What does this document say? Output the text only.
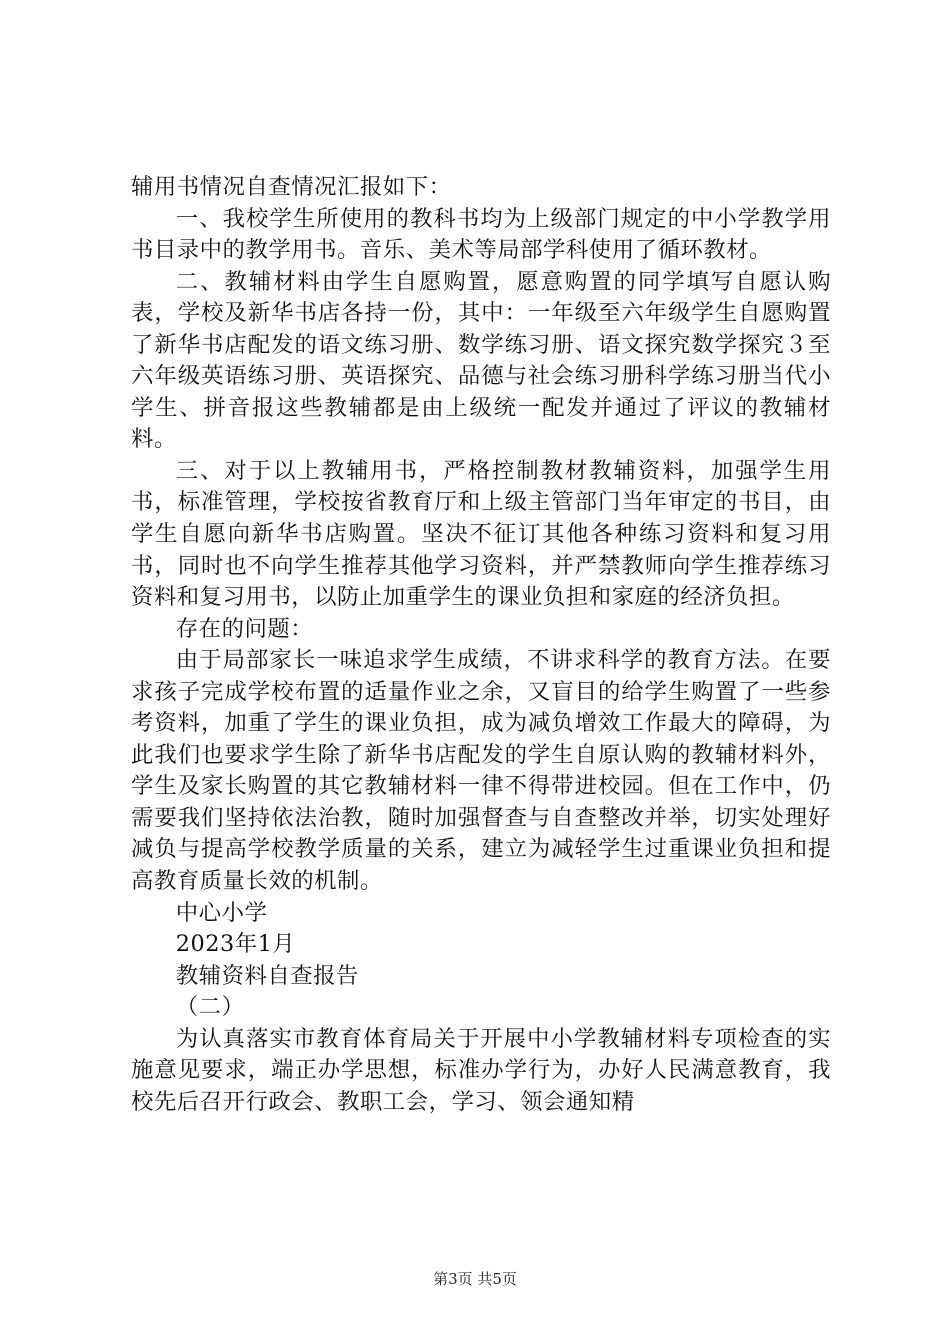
辅用书情况自查情况汇报如下：

一、我校学生所使用的教科书均为上级部门规定的中小学教学用书目录中的教学用书。音乐、美术等局部学科使用了循环教材。

二、教辅材料由学生自愿购置，愿意购置的同学填写自愿认购表，学校及新华书店各持一份，其中：一年级至六年级学生自愿购置了新华书店配发的语文练习册、数学练习册、语文探究数学探究３至六年级英语练习册、英语探究、品德与社会练习册科学练习册当代小学生、拼音报这些教辅都是由上级统一配发并通过了评议的教辅材料。

三、对于以上教辅用书，严格控制教材教辅资料，加强学生用书，标准管理，学校按省教育厅和上级主管部门当年审定的书目，由学生自愿向新华书店购置。坚决不征订其他各种练习资料和复习用书，同时也不向学生推荐其他学习资料，并严禁教师向学生推荐练习资料和复习用书，以防止加重学生的课业负担和家庭的经济负担。

存在的问题：

由于局部家长一味追求学生成绩，不讲求科学的教育方法。在要求孩子完成学校布置的适量作业之余，又盲目的给学生购置了一些参考资料，加重了学生的课业负担，成为减负增效工作最大的障碍，为此我们也要求学生除了新华书店配发的学生自原认购的教辅材料外，学生及家长购置的其它教辅材料一律不得带进校园。但在工作中，仍需要我们坚持依法治教，随时加强督查与自查整改并举，切实处理好减负与提高学校教学质量的关系，建立为减轻学生过重课业负担和提高教育质量长效的机制。

中心小学

2023年1月

教辅资料自查报告

（二）

为认真落实市教育体育局关于开展中小学教辅材料专项检查的实施意见要求，端正办学思想，标准办学行为，办好人民满意教育，我校先后召开行政会、教职工会，学习、领会通知精

第3页 共5页
